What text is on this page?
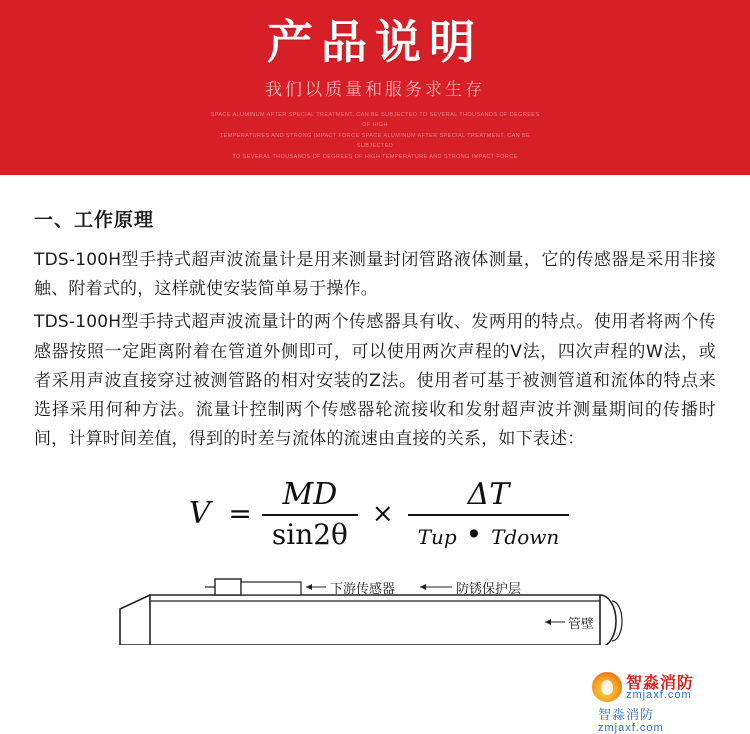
产品说明
我们以质量和服务求生存
SPACE ALUMINUM AFTER SPECIAL TREATMENT, CAN BE SUBJECTED TO SEVERAL THOUSANDS OF DEGREES OF HIGH
TEMPERATURES AND STRONG IMPACT FORCE SPACE ALUMINUM AFTER SPECIAL TREATMENT, CAN BE SUBJECTED
TO SEVERAL THOUSANDS OF DEGREES OF HIGH TEMPERATURE AND STRONG IMPACT FORCE
一、工作原理

TDS-100H型手持式超声波流量计是用来测量封闭管路液体测量，它的传感器是采用非接触、附着式的，这样就使安装简单易于操作。

TDS-100H型手持式超声波流量计的两个传感器具有收、发两用的特点。使用者将两个传感器按照一定距离附着在管道外侧即可，可以使用两次声程的V法，四次声程的W法，或者采用声波直接穿过被测管路的相对安装的Z法。使用者可基于被测管道和流体的特点来选择采用何种方法。流量计控制两个传感器轮流接收和发射超声波并测量期间的传播时间，计算时间差值，得到的时差与流体的流速由直接的关系，如下表述：

$V = \frac{MD}{\sin 2\theta} \times \frac{\Delta T}{\text{Tup • Tdown}}$
下游传感器	防锈保护层
管壁
智淼消防
zmjaxf.com
智淼消防
zmjaxf.com
